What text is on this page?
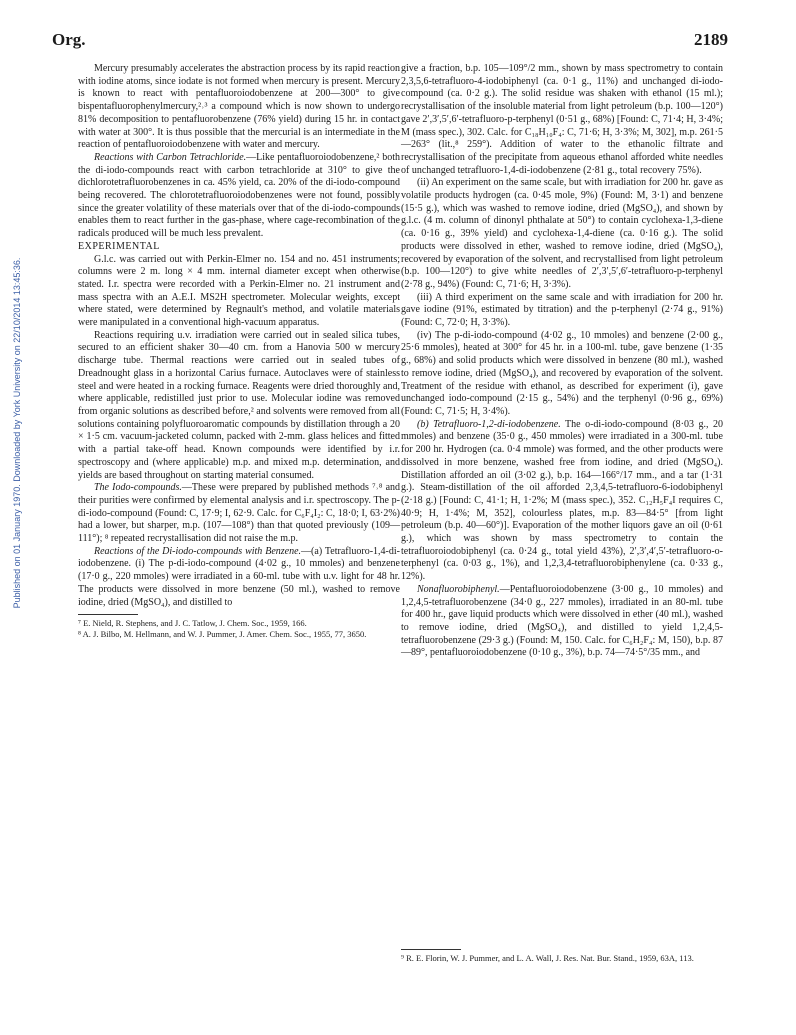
Org.	2189
Published on 01 January 1970. Downloaded by York University on 22/10/2014 13:45:36.

Mercury presumably accelerates the abstraction process by its rapid reaction with iodine atoms, since iodate is not formed when mercury is present. Mercury is known to react with pentafluoroiodobenzene at 200—300° to give bispentafluorophenylmercury,²˒³ a compound which is now shown to undergo 81% decomposition to pentafluorobenzene (76% yield) during 15 hr. in contact with water at 300°. It is thus possible that the mercurial is an intermediate in the reaction of pentafluoroiodobenzene with water and mercury.

Reactions with Carbon Tetrachloride.—Like pentafluoroiodobenzene,² both the di-iodo-compounds react with carbon tetrachloride at 310° to give the dichlorotetrafluorobenzenes in ca. 45% yield, ca. 20% of the di-iodo-compound being recovered. The chlorotetrafluoroiodobenzenes were not found, possibly since the greater volatility of these materials over that of the di-iodo-compounds enables them to react further in the gas-phase, where cage-recombination of the radicals produced will be much less prevalent.

EXPERIMENTAL

G.l.c. was carried out with Perkin-Elmer no. 154 and no. 451 instruments; columns were 2 m. long × 4 mm. internal diameter except when otherwise stated. I.r. spectra were recorded with a Perkin-Elmer no. 21 instrument and mass spectra with an A.E.I. MS2H spectrometer. Molecular weights, except where stated, were determined by Regnault's method, and volatile materials were manipulated in a conventional high-vacuum apparatus.

Reactions requiring u.v. irradiation were carried out in sealed silica tubes, secured to an efficient shaker 30—40 cm. from a Hanovia 500 w mercury discharge tube. Thermal reactions were carried out in sealed tubes of Dreadnought glass in a horizontal Carius furnace. Autoclaves were of stainless steel and were heated in a rocking furnace. Reagents were dried thoroughly and, where applicable, redistilled just prior to use. Molecular iodine was removed from organic solutions as described before,² and solvents were removed from all solutions containing polyfluoroaromatic compounds by distillation through a 20 × 1·5 cm. vacuum-jacketed column, packed with 2-mm. glass helices and fitted with a partial take-off head. Known compounds were identified by i.r. spectroscopy and (where applicable) m.p. and mixed m.p. determination, and yields are based throughout on starting material consumed.

The Iodo-compounds.—These were prepared by published methods ⁷˒⁸ and their purities were confirmed by elemental analysis and i.r. spectroscopy. The p-di-iodo-compound (Found: C, 17·9; I, 62·9. Calc. for C₆F₄I₂: C, 18·0; I, 63·2%) had a lower, but sharper, m.p. (107—108°) than that quoted previously (109—111°); ⁸ repeated recrystallisation did not raise the m.p.

Reactions of the Di-iodo-compounds with Benzene.—(a) Tetrafluoro-1,4-di-iodobenzene. (i) The p-di-iodo-compound (4·02 g., 10 mmoles) and benzene (17·0 g., 220 mmoles) were irradiated in a 60-ml. tube with u.v. light for 48 hr. The products were dissolved in more benzene (50 ml.), washed to remove iodine, dried (MgSO₄), and distilled to

⁷ E. Nield, R. Stephens, and J. C. Tatlow, J. Chem. Soc., 1959, 166.

⁸ A. J. Bilbo, M. Hellmann, and W. J. Pummer, J. Amer. Chem. Soc., 1955, 77, 3650.

give a fraction, b.p. 105—109°/2 mm., shown by mass spectrometry to contain 2,3,5,6-tetrafluoro-4-iodobiphenyl (ca. 0·1 g., 11%) and unchanged di-iodo-compound (ca. 0·2 g.). The solid residue was shaken with ethanol (15 ml.); recrystallisation of the insoluble material from light petroleum (b.p. 100—120°) gave 2′,3′,5′,6′-tetrafluoro-p-terphenyl (0·51 g., 68%) [Found: C, 71·4; H, 3·4%; M (mass spec.), 302. Calc. for C₁₈H₁₀F₄: C, 71·6; H, 3·3%; M, 302], m.p. 261·5—263° (lit.,⁸ 259°). Addition of water to the ethanolic filtrate and recrystallisation of the precipitate from aqueous ethanol afforded white needles of unchanged tetrafluoro-1,4-di-iodobenzene (2·81 g., total recovery 75%).

(ii) An experiment on the same scale, but with irradiation for 200 hr. gave as volatile products hydrogen (ca. 0·45 mole, 9%) (Found: M, 3·1) and benzene (15·5 g.), which was washed to remove iodine, dried (MgSO₄), and shown by g.l.c. (4 m. column of dinonyl phthalate at 50°) to contain cyclohexa-1,3-diene (ca. 0·16 g., 39% yield) and cyclohexa-1,4-diene (ca. 0·16 g.). The solid products were dissolved in ether, washed to remove iodine, dried (MgSO₄), recovered by evaporation of the solvent, and recrystallised from light petroleum (b.p. 100—120°) to give white needles of 2′,3′,5′,6′-tetrafluoro-p-terphenyl (2·78 g., 94%) (Found: C, 71·6; H, 3·3%).

(iii) A third experiment on the same scale and with irradiation for 200 hr. gave iodine (91%, estimated by titration) and the p-terphenyl (2·74 g., 91%) (Found: C, 72·0; H, 3·3%).

(iv) The p-di-iodo-compound (4·02 g., 10 mmoles) and benzene (2·00 g., 25·6 mmoles), heated at 300° for 45 hr. in a 100-ml. tube, gave benzene (1·35 g., 68%) and solid products which were dissolved in benzene (80 ml.), washed to remove iodine, dried (MgSO₄), and recovered by evaporation of the solvent. Treatment of the residue with ethanol, as described for experiment (i), gave unchanged iodo-compound (2·15 g., 54%) and the terphenyl (0·96 g., 69%) (Found: C, 71·5; H, 3·4%).

(b) Tetrafluoro-1,2-di-iodobenzene. The o-di-iodo-compound (8·03 g., 20 mmoles) and benzene (35·0 g., 450 mmoles) were irradiated in a 300-ml. tube for 200 hr. Hydrogen (ca. 0·4 mmole) was formed, and the other products were dissolved in more benzene, washed free from iodine, and dried (MgSO₄). Distillation afforded an oil (3·02 g.), b.p. 164—166°/17 mm., and a tar (1·31 g.). Steam-distillation of the oil afforded 2,3,4,5-tetrafluoro-6-iodobiphenyl (2·18 g.) [Found: C, 41·1; H, 1·2%; M (mass spec.), 352. C₁₂H₅F₄I requires C, 40·9; H, 1·4%; M, 352], colourless plates, m.p. 83—84·5° [from light petroleum (b.p. 40—60°)]. Evaporation of the mother liquors gave an oil (0·61 g.), which was shown by mass spectrometry to contain the tetrafluoroiodobiphenyl (ca. 0·24 g., total yield 43%), 2′,3′,4′,5′-tetrafluoro-o-terphenyl (ca. 0·03 g., 1%), and 1,2,3,4-tetrafluorobiphenylene (ca. 0·33 g., 12%).

Nonafluorobiphenyl.—Pentafluoroiodobenzene (3·00 g., 10 mmoles) and 1,2,4,5-tetrafluorobenzene (34·0 g., 227 mmoles), irradiated in an 80-ml. tube for 400 hr., gave liquid products which were dissolved in ether (40 ml.), washed to remove iodine, dried (MgSO₄), and distilled to yield 1,2,4,5-tetrafluorobenzene (29·3 g.) (Found: M, 150. Calc. for C₆H₂F₄: M, 150), b.p. 87—89°, pentafluoroiodobenzene (0·10 g., 3%), b.p. 74—74·5°/35 mm., and

⁹ R. E. Florin, W. J. Pummer, and L. A. Wall, J. Res. Nat. Bur. Stand., 1959, 63A, 113.
